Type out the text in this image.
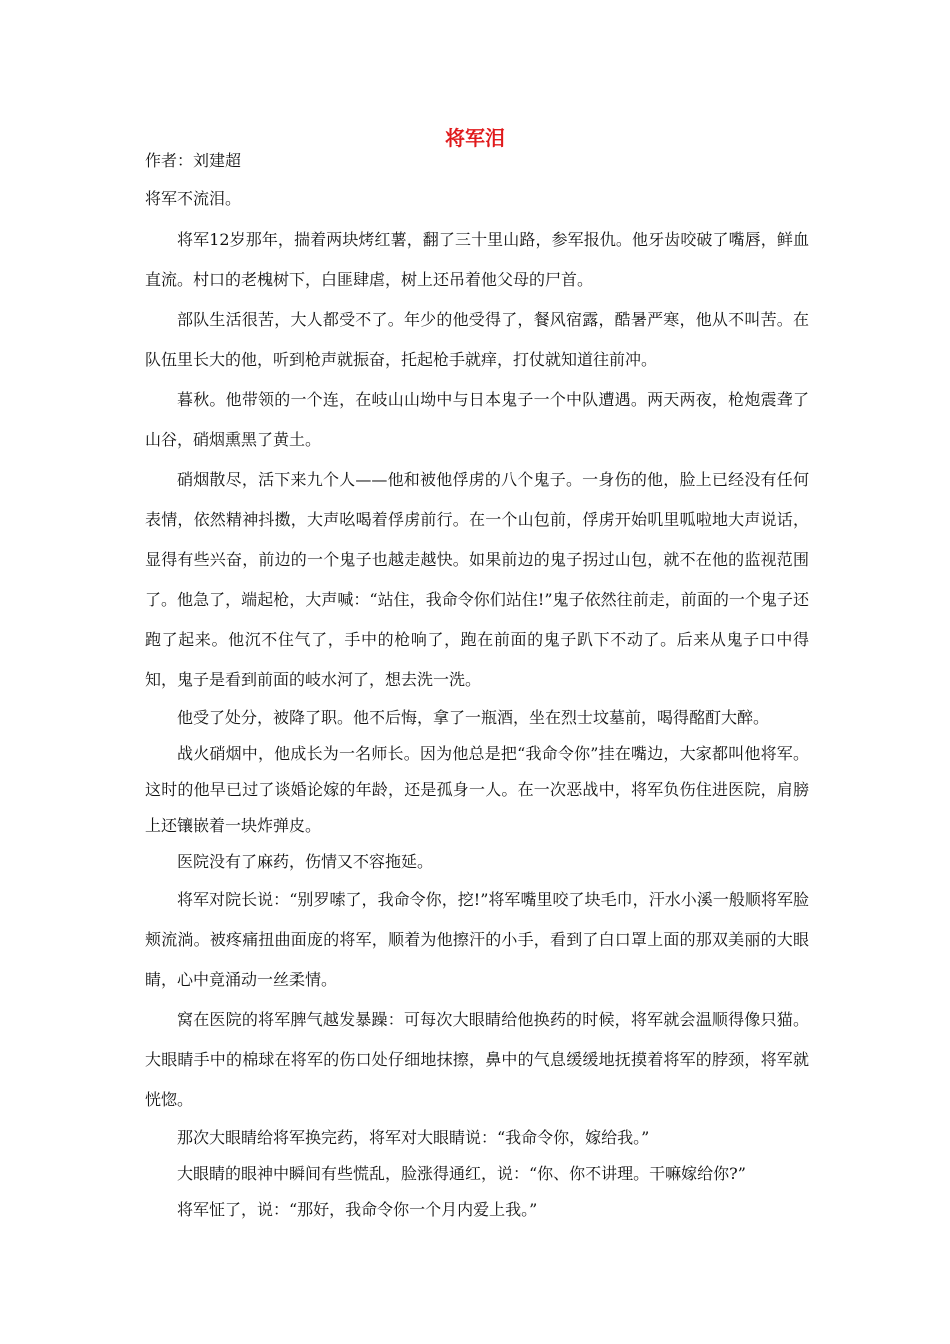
将军泪
作者：刘建超
将军不流泪。

将军12岁那年，揣着两块烤红薯，翻了三十里山路，参军报仇。他牙齿咬破了嘴唇，鲜血直流。村口的老槐树下，白匪肆虐，树上还吊着他父母的尸首。

部队生活很苦，大人都受不了。年少的他受得了，餐风宿露，酷暑严寒，他从不叫苦。在队伍里长大的他，听到枪声就振奋，托起枪手就痒，打仗就知道往前冲。

暮秋。他带领的一个连，在岐山山坳中与日本鬼子一个中队遭遇。两天两夜，枪炮震聋了山谷，硝烟熏黑了黄土。

硝烟散尽，活下来九个人——他和被他俘虏的八个鬼子。一身伤的他，脸上已经没有任何表情，依然精神抖擞，大声吆喝着俘虏前行。在一个山包前，俘虏开始叽里呱啦地大声说话，显得有些兴奋，前边的一个鬼子也越走越快。如果前边的鬼子拐过山包，就不在他的监视范围了。他急了，端起枪，大声喊：“站住，我命令你们站住!”鬼子依然往前走，前面的一个鬼子还跑了起来。他沉不住气了，手中的枪响了，跑在前面的鬼子趴下不动了。后来从鬼子口中得知，鬼子是看到前面的岐水河了，想去洗一洗。

他受了处分，被降了职。他不后悔，拿了一瓶酒，坐在烈士坟墓前，喝得酩酊大醉。

战火硝烟中，他成长为一名师长。因为他总是把“我命令你”挂在嘴边，大家都叫他将军。这时的他早已过了谈婚论嫁的年龄，还是孤身一人。在一次恶战中，将军负伤住进医院，肩膀上还镶嵌着一块炸弹皮。

医院没有了麻药，伤情又不容拖延。

将军对院长说：“别罗嗦了，我命令你，挖!”将军嘴里咬了块毛巾，汗水小溪一般顺将军脸颊流淌。被疼痛扭曲面庞的将军，顺着为他擦汗的小手，看到了白口罩上面的那双美丽的大眼睛，心中竟涌动一丝柔情。

窝在医院的将军脾气越发暴躁：可每次大眼睛给他换药的时候，将军就会温顺得像只猫。大眼睛手中的棉球在将军的伤口处仔细地抹擦，鼻中的气息缓缓地抚摸着将军的脖颈，将军就恍惚。

那次大眼睛给将军换完药，将军对大眼睛说：“我命令你，嫁给我。”

大眼睛的眼神中瞬间有些慌乱，脸涨得通红，说：“你、你不讲理。干嘛嫁给你?”

将军怔了，说：“那好，我命令你一个月内爱上我。”
